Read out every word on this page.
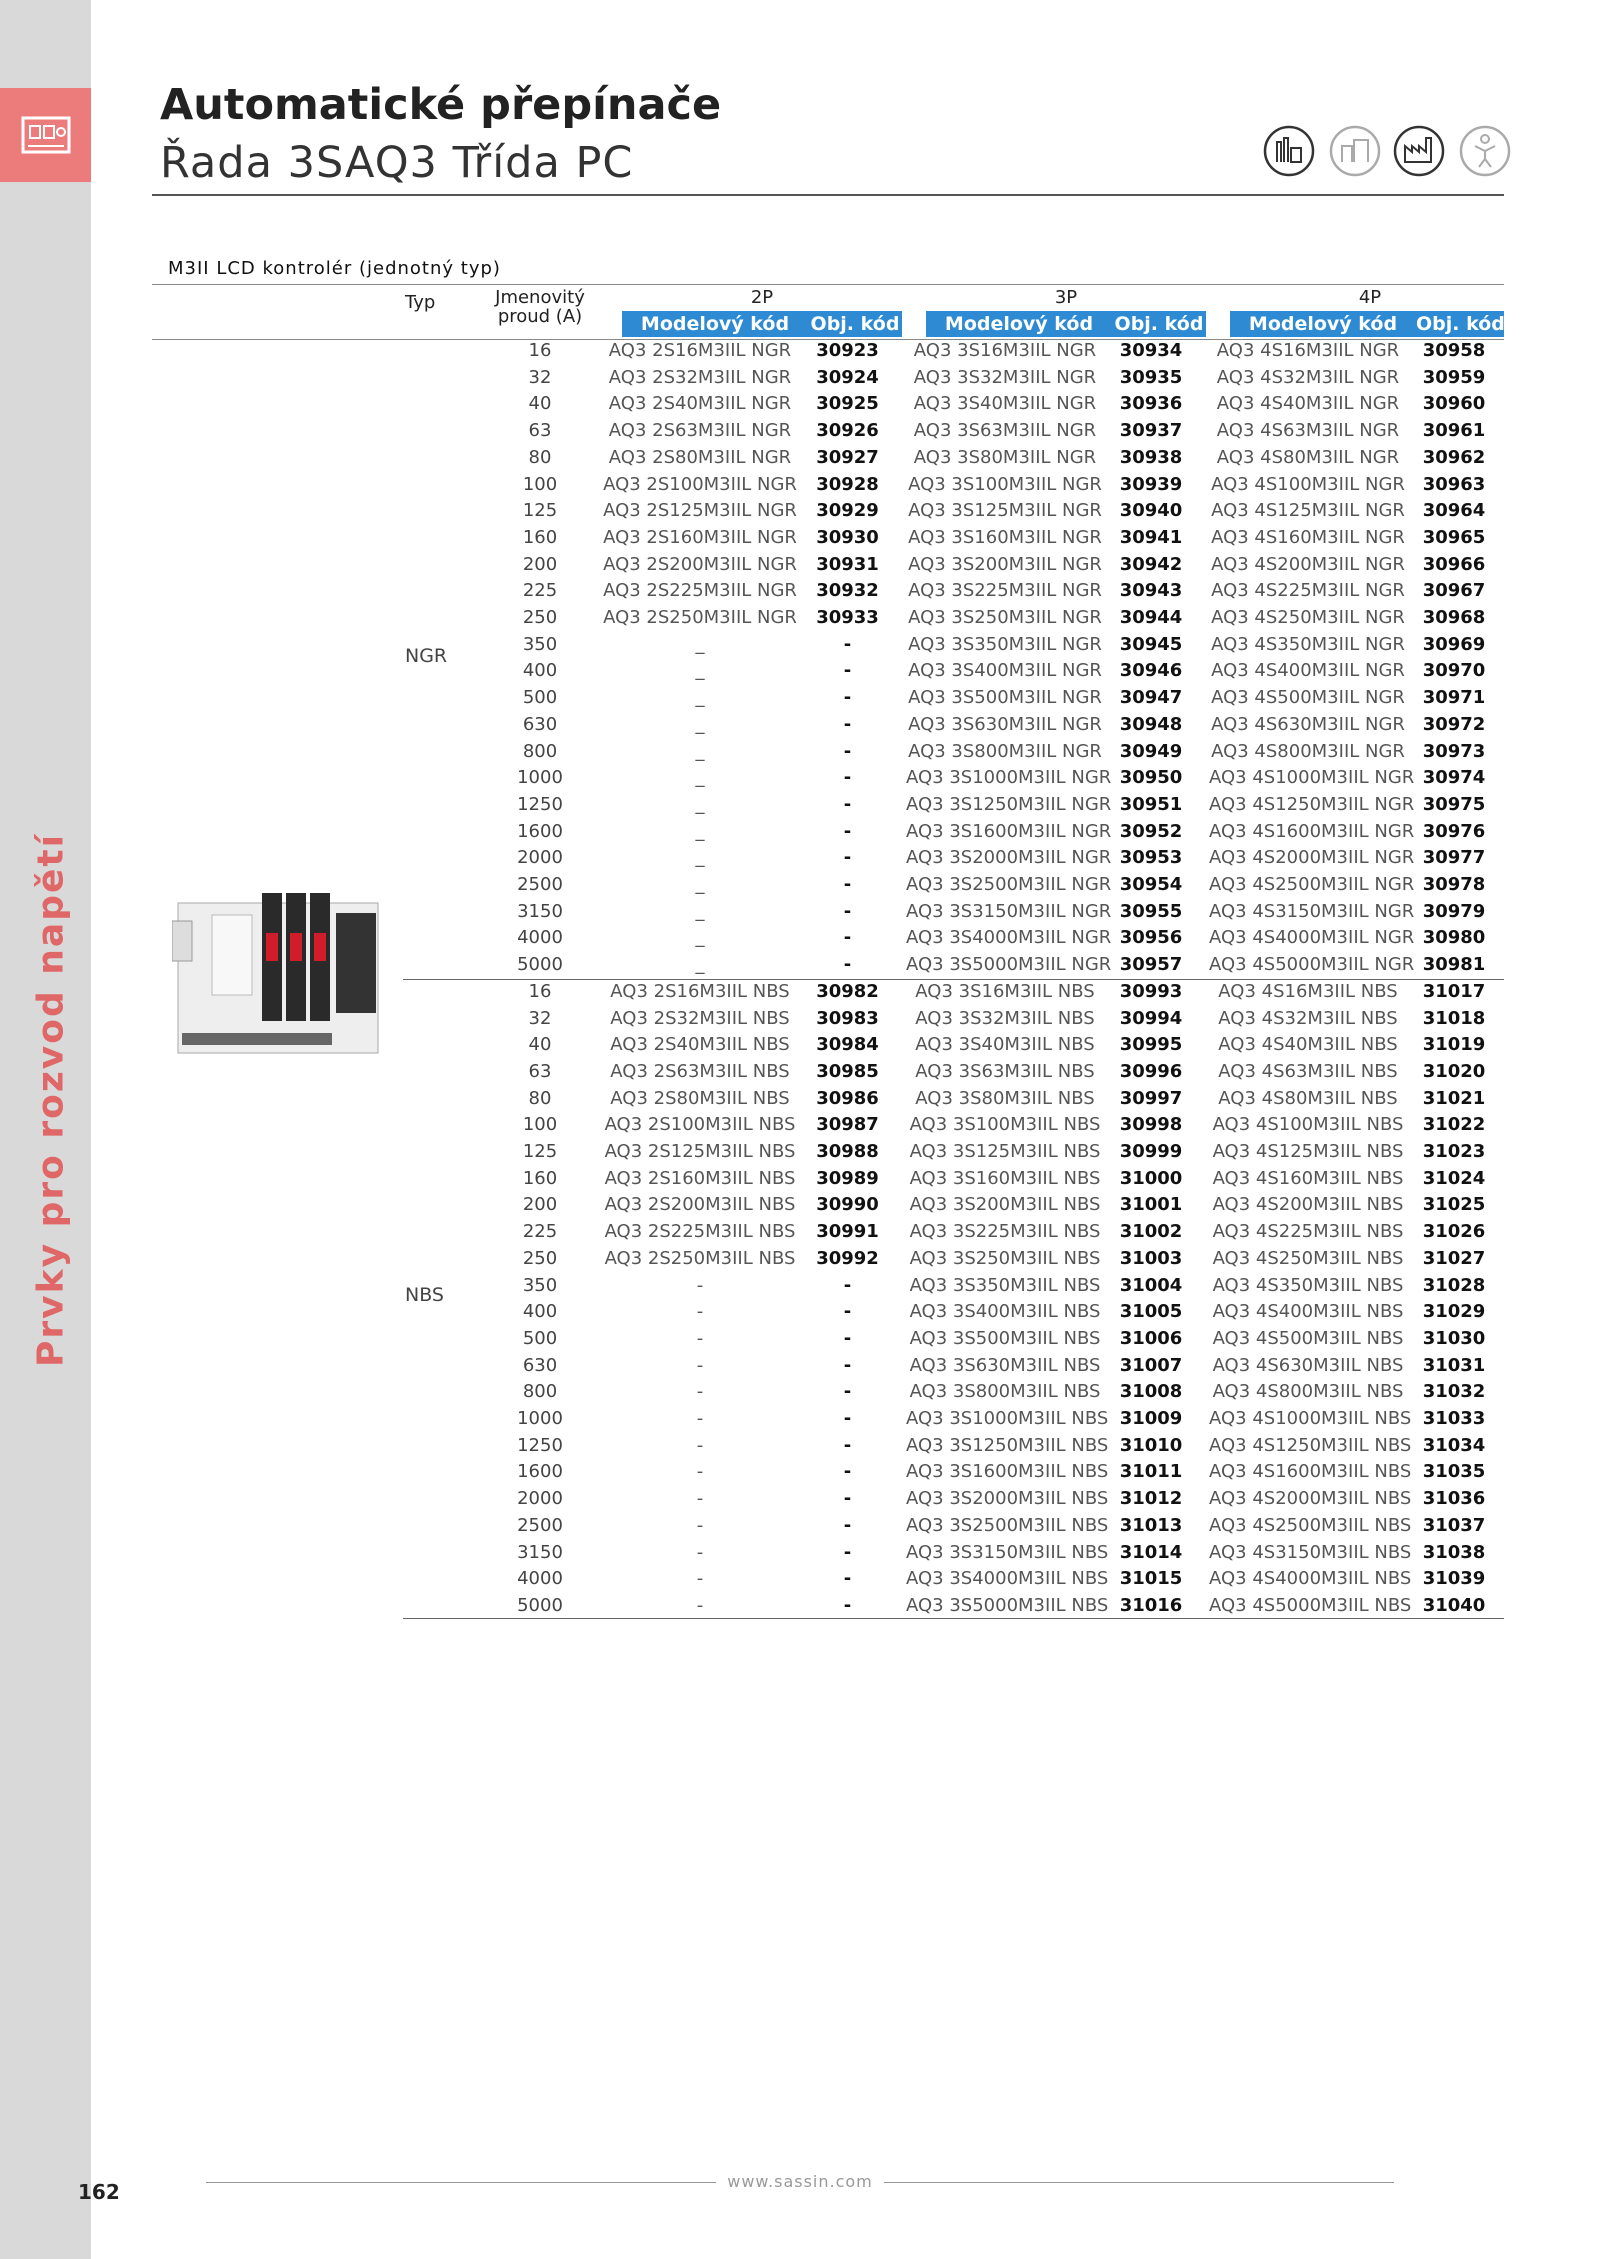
Prvky pro rozvod napětí
162
Automatické přepínače
Řada 3SAQ3 Třída PC
M3II LCD kontrolér (jednotný typ)
Typ	Jmenovitý
proud (A)
2P	3P	4P
Modelový kód	Obj. kód	Modelový kód	Obj. kód	Modelový kód Obj. kód
NGR
NBS
16	AQ3 2S16M3IIL NGR	30923	AQ3 3S16M3IIL NGR	30934	AQ3 4S16M3IIL NGR	30958
32	AQ3 2S32M3IIL NGR	30924	AQ3 3S32M3IIL NGR	30935	AQ3 4S32M3IIL NGR	30959
40	AQ3 2S40M3IIL NGR	30925	AQ3 3S40M3IIL NGR	30936	AQ3 4S40M3IIL NGR	30960
63	AQ3 2S63M3IIL NGR	30926	AQ3 3S63M3IIL NGR	30937	AQ3 4S63M3IIL NGR	30961
80	AQ3 2S80M3IIL NGR	30927	AQ3 3S80M3IIL NGR	30938	AQ3 4S80M3IIL NGR	30962
100	AQ3 2S100M3IIL NGR	30928	AQ3 3S100M3IIL NGR 30939	AQ3 4S100M3IIL NGR 30963
125	AQ3 2S125M3IIL NGR	30929	AQ3 3S125M3IIL NGR 30940	AQ3 4S125M3IIL NGR 30964
160	AQ3 2S160M3IIL NGR	30930	AQ3 3S160M3IIL NGR 30941	AQ3 4S160M3IIL NGR 30965
200	AQ3 2S200M3IIL NGR	30931	AQ3 3S200M3IIL NGR 30942	AQ3 4S200M3IIL NGR 30966
225	AQ3 2S225M3IIL NGR	30932	AQ3 3S225M3IIL NGR 30943	AQ3 4S225M3IIL NGR 30967
250	AQ3 2S250M3IIL NGR	30933	AQ3 3S250M3IIL NGR 30944	AQ3 4S250M3IIL NGR 30968
350	_	-	AQ3 3S350M3IIL NGR 30945	AQ3 4S350M3IIL NGR 30969
400	_	-	AQ3 3S400M3IIL NGR 30946	AQ3 4S400M3IIL NGR 30970
500	_	-	AQ3 3S500M3IIL NGR 30947	AQ3 4S500M3IIL NGR 30971
630	_	-	AQ3 3S630M3IIL NGR 30948	AQ3 4S630M3IIL NGR 30972
800	_	-	AQ3 3S800M3IIL NGR 30949	AQ3 4S800M3IIL NGR 30973
1000	_	-	AQ3 3S1000M3IIL NGR 30950	AQ3 4S1000M3IIL NGR 30974
1250	_	-	AQ3 3S1250M3IIL NGR 30951	AQ3 4S1250M3IIL NGR 30975
1600	_	-	AQ3 3S1600M3IIL NGR 30952	AQ3 4S1600M3IIL NGR 30976
2000	_	-	AQ3 3S2000M3IIL NGR 30953	AQ3 4S2000M3IIL NGR 30977
2500	_	-	AQ3 3S2500M3IIL NGR 30954	AQ3 4S2500M3IIL NGR 30978
3150	_	-	AQ3 3S3150M3IIL NGR 30955	AQ3 4S3150M3IIL NGR 30979
4000	_	-	AQ3 3S4000M3IIL NGR 30956	AQ3 4S4000M3IIL NGR 30980
5000	_	-	AQ3 3S5000M3IIL NGR 30957	AQ3 4S5000M3IIL NGR 30981
16	AQ3 2S16M3IIL NBS	30982	AQ3 3S16M3IIL NBS	30993	AQ3 4S16M3IIL NBS	31017
32	AQ3 2S32M3IIL NBS	30983	AQ3 3S32M3IIL NBS	30994	AQ3 4S32M3IIL NBS	31018
40	AQ3 2S40M3IIL NBS	30984	AQ3 3S40M3IIL NBS	30995	AQ3 4S40M3IIL NBS	31019
63	AQ3 2S63M3IIL NBS	30985	AQ3 3S63M3IIL NBS	30996	AQ3 4S63M3IIL NBS	31020
80	AQ3 2S80M3IIL NBS	30986	AQ3 3S80M3IIL NBS	30997	AQ3 4S80M3IIL NBS	31021
100	AQ3 2S100M3IIL NBS	30987	AQ3 3S100M3IIL NBS	30998	AQ3 4S100M3IIL NBS	31022
125	AQ3 2S125M3IIL NBS	30988	AQ3 3S125M3IIL NBS	30999	AQ3 4S125M3IIL NBS	31023
160	AQ3 2S160M3IIL NBS	30989	AQ3 3S160M3IIL NBS	31000	AQ3 4S160M3IIL NBS	31024
200	AQ3 2S200M3IIL NBS	30990	AQ3 3S200M3IIL NBS	31001	AQ3 4S200M3IIL NBS	31025
225	AQ3 2S225M3IIL NBS	30991	AQ3 3S225M3IIL NBS	31002	AQ3 4S225M3IIL NBS	31026
250	AQ3 2S250M3IIL NBS	30992	AQ3 3S250M3IIL NBS	31003	AQ3 4S250M3IIL NBS	31027
350	-	-	AQ3 3S350M3IIL NBS	31004	AQ3 4S350M3IIL NBS	31028
400	-	-	AQ3 3S400M3IIL NBS	31005	AQ3 4S400M3IIL NBS	31029
500	-	-	AQ3 3S500M3IIL NBS	31006	AQ3 4S500M3IIL NBS	31030
630	-	-	AQ3 3S630M3IIL NBS	31007	AQ3 4S630M3IIL NBS	31031
800	-	-	AQ3 3S800M3IIL NBS	31008	AQ3 4S800M3IIL NBS	31032
1000	-	-	AQ3 3S1000M3IIL NBS 31009	AQ3 4S1000M3IIL NBS 31033
1250	-	-	AQ3 3S1250M3IIL NBS 31010	AQ3 4S1250M3IIL NBS 31034
1600	-	-	AQ3 3S1600M3IIL NBS 31011	AQ3 4S1600M3IIL NBS 31035
2000	-	-	AQ3 3S2000M3IIL NBS 31012	AQ3 4S2000M3IIL NBS 31036
2500	-	-	AQ3 3S2500M3IIL NBS 31013	AQ3 4S2500M3IIL NBS 31037
3150	-	-	AQ3 3S3150M3IIL NBS 31014	AQ3 4S3150M3IIL NBS 31038
4000	-	-	AQ3 3S4000M3IIL NBS 31015	AQ3 4S4000M3IIL NBS 31039
5000	-	-	AQ3 3S5000M3IIL NBS 31016	AQ3 4S5000M3IIL NBS 31040
www.sassin.com
